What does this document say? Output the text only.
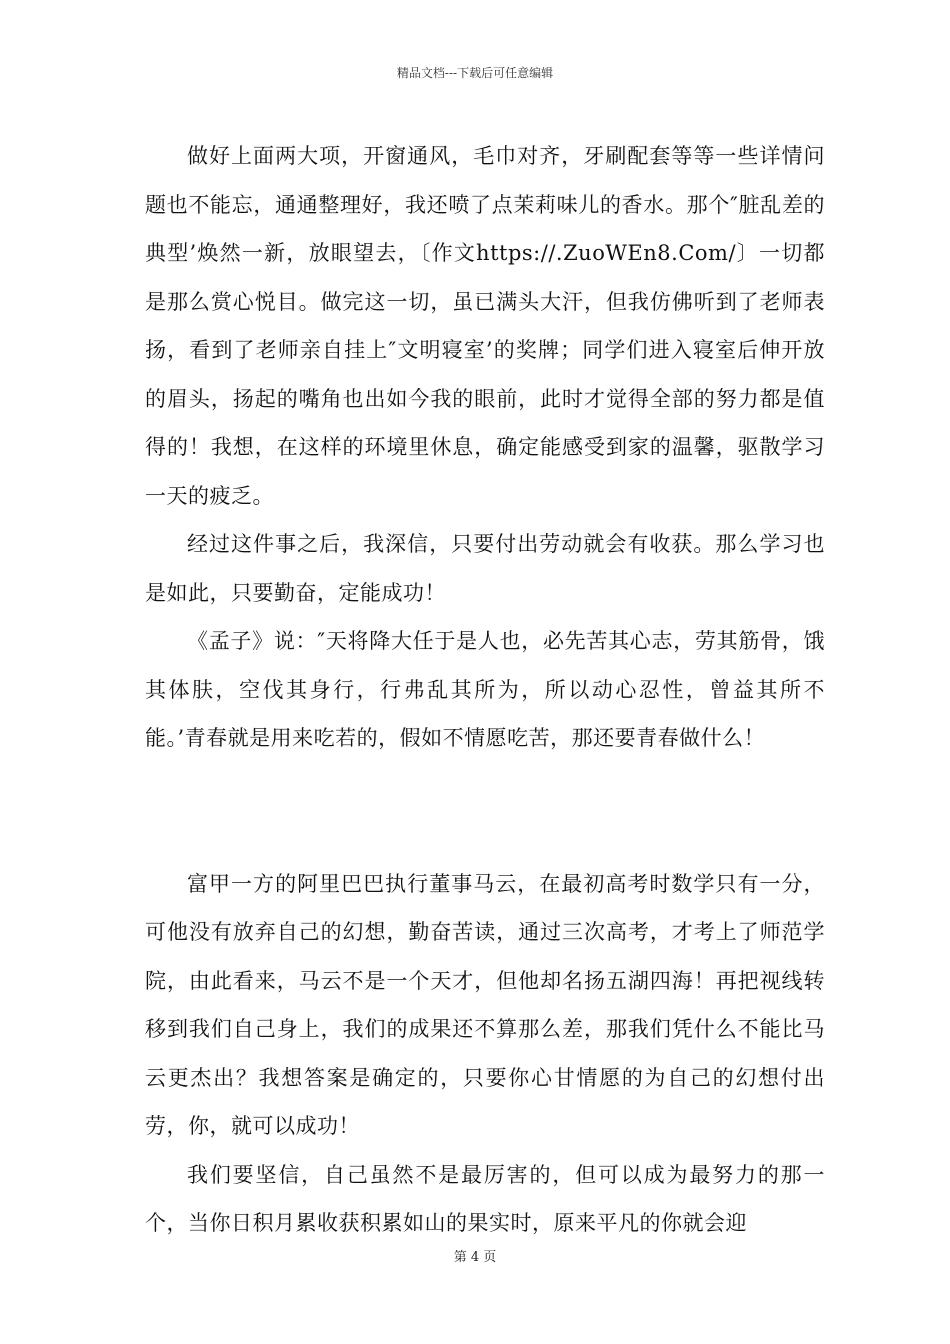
精品文档---下载后可任意编辑

做好上面两大项，开窗通风，毛巾对齐，牙刷配套等等一些详情问题也不能忘，通通整理好，我还喷了点茉莉味儿的香水。那个″脏乱差的典型’焕然一新，放眼望去，〔作文https://.ZuoWEn8.Com/〕一切都是那么赏心悦目。做完这一切，虽已满头大汗，但我仿佛听到了老师表扬，看到了老师亲自挂上″文明寝室’的奖牌；同学们进入寝室后伸开放的眉头，扬起的嘴角也出如今我的眼前，此时才觉得全部的努力都是值得的！我想，在这样的环境里休息，确定能感受到家的温馨，驱散学习一天的疲乏。

经过这件事之后，我深信，只要付出劳动就会有收获。那么学习也是如此，只要勤奋，定能成功！

《孟子》说：″天将降大任于是人也，必先苦其心志，劳其筋骨，饿其体肤，空伐其身行，行弗乱其所为，所以动心忍性，曾益其所不能。’青春就是用来吃若的，假如不情愿吃苦，那还要青春做什么！

富甲一方的阿里巴巴执行董事马云，在最初高考时数学只有一分，可他没有放弃自己的幻想，勤奋苦读，通过三次高考，才考上了师范学院，由此看来，马云不是一个天才，但他却名扬五湖四海！再把视线转移到我们自己身上，我们的成果还不算那么差，那我们凭什么不能比马云更杰出？我想答案是确定的，只要你心甘情愿的为自己的幻想付出劳，你，就可以成功！

我们要坚信，自己虽然不是最厉害的，但可以成为最努力的那一个，当你日积月累收获积累如山的果实时，原来平凡的你就会迎

第 4 页
